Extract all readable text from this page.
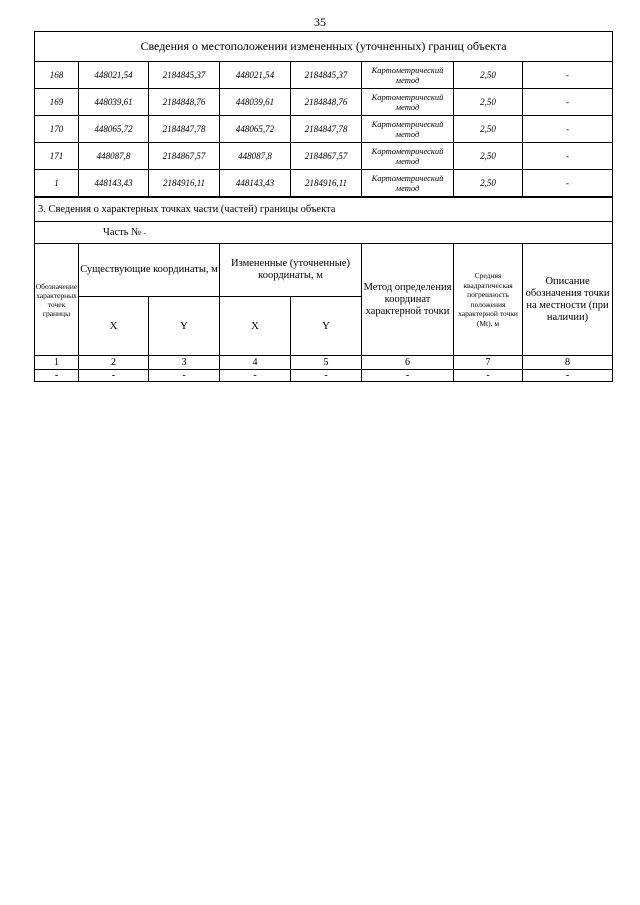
35
Сведения о местоположении измененных (уточненных) границ объекта							
168	448021,54	2184845,37	448021,54	2184845,37	Картометрический метод	2,50	-
169	448039,61	2184848,76	448039,61	2184848,76	Картометрический метод	2,50	-
170	448065,72	2184847,78	448065,72	2184847,78	Картометрический метод	2,50	-
171	448087,8	2184867,57	448087,8	2184867,57	Картометрический метод	2,50	-
1	448143,43	2184916,11	448143,43	2184916,11	Картометрический метод	2,50	-
3. Сведения о характерных точках части (частей) границы объекта							
Часть № -							
Обозначение характерных точек границы	Существующие координаты, м		Измененные (уточненные) координаты, м		Метод определения координат характерной точки	Средняя квадратическая погрешность положения характерной точки (Mt), м	Описание обозначения точки на местности (при наличии)
	X	Y	X	Y			
1	2	3	4	5	6	7	8
-	-	-	-	-	-	-	-
